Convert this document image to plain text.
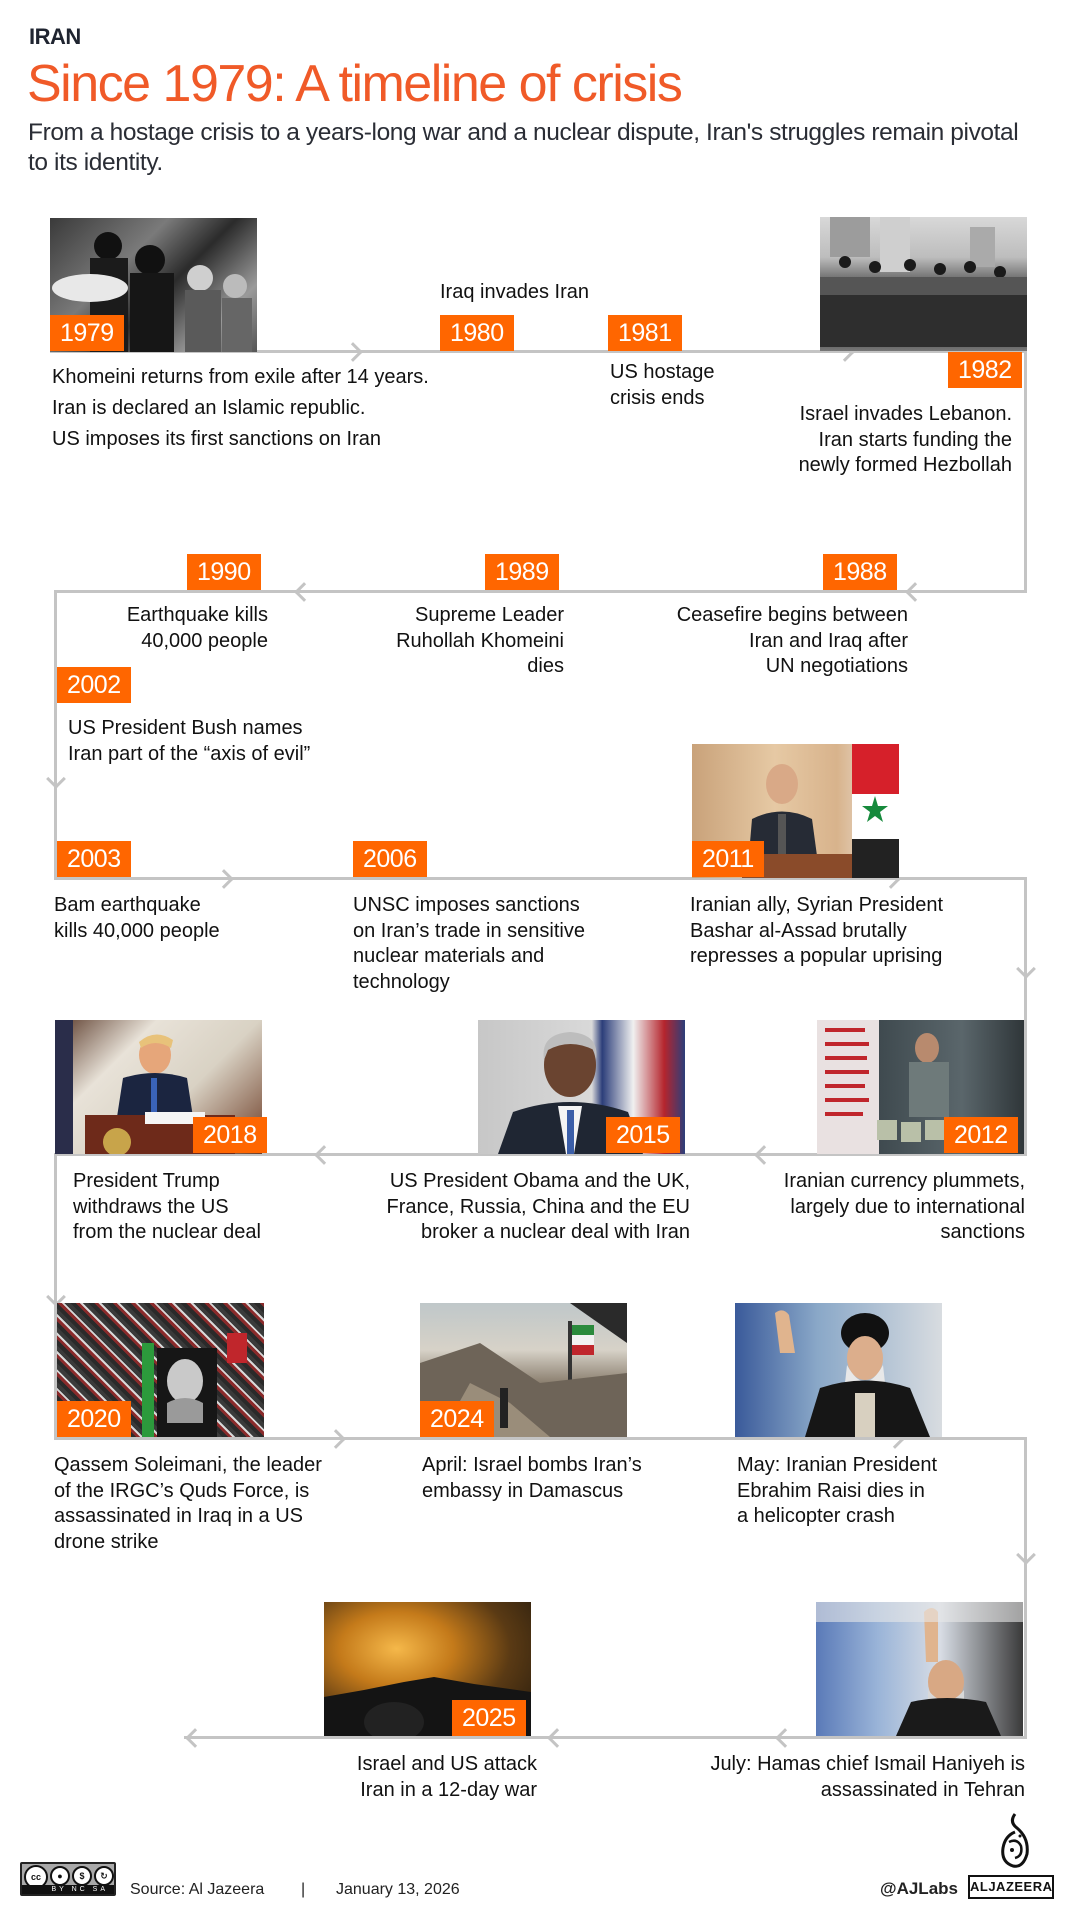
IRAN
Since 1979: A timeline of crisis

From a hostage crisis to a years-long war and a nuclear dispute, Iran's struggles remain pivotal to its identity.

1979
Khomeini returns from exile after 14 years.
Iran is declared an Islamic republic.
US imposes its first sanctions on Iran
Iraq invades Iran
1980	1981
US hostage
crisis ends
1982
Israel invades Lebanon.
Iran starts funding the
newly formed Hezbollah
1988
Ceasefire begins between
Iran and Iraq after
UN negotiations
1989
Supreme Leader
Ruhollah Khomeini
dies
1990
Earthquake kills
40,000 people
2002
US President Bush names
Iran part of the “axis of evil”
2003
Bam earthquake
kills 40,000 people
2006
UNSC imposes sanctions
on Iran’s trade in sensitive
nuclear materials and
technology
2011
Iranian ally, Syrian President
Bashar al-Assad brutally
represses a popular uprising
2012
Iranian currency plummets,
largely due to international
sanctions
2015
US President Obama and the UK,
France, Russia, China and the EU
broker a nuclear deal with Iran
2018
President Trump
withdraws the US
from the nuclear deal
2020
Qassem Soleimani, the leader
of the IRGC’s Quds Force, is
assassinated in Iraq in a US
drone strike
2024
April: Israel bombs Iran’s
embassy in Damascus
May: Iranian President
Ebrahim Raisi dies in
a helicopter crash
July: Hamas chief Ismail Haniyeh is
assassinated in Tehran
2025
Israel and US attack
Iran in a 12-day war
cc	●	$	↻
BY NC SA	Source: Al Jazeera | January 13, 2026	@AJLabs ALJAZEERA
